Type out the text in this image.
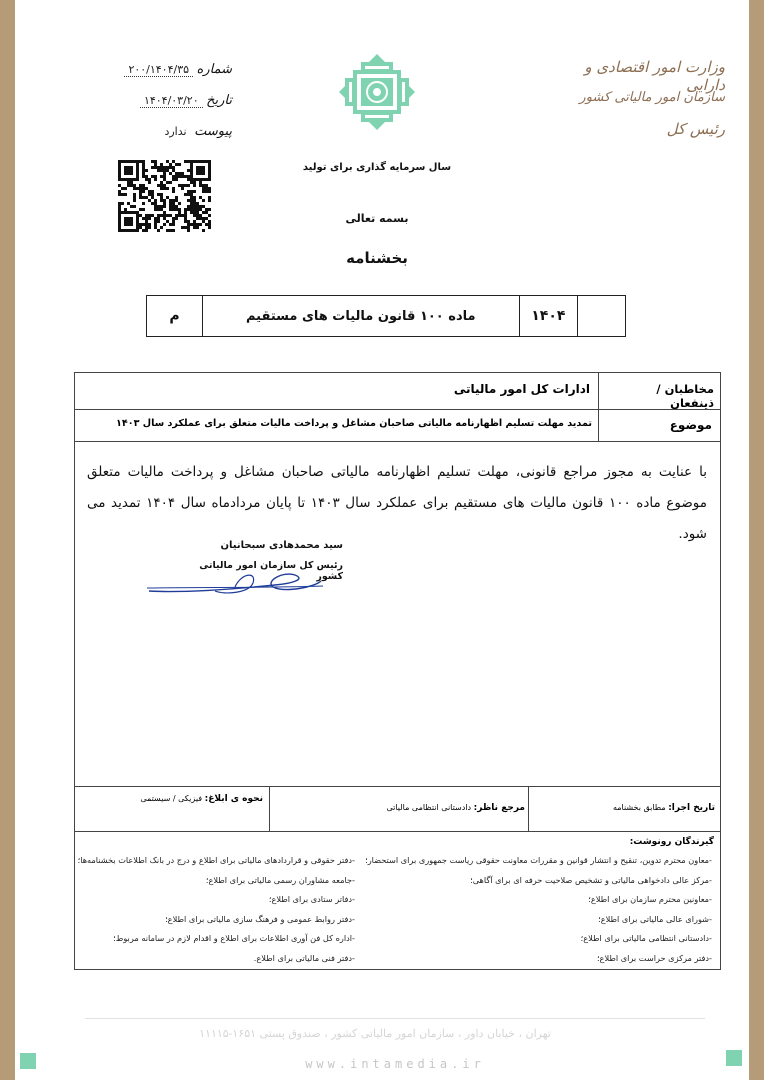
شماره ۲۰۰/۱۴۰۴/۳۵
تاریخ ۱۴۰۴/۰۳/۲۰
پیوست ندارد
وزارت امور اقتصادی و دارایی
سازمان امور مالیاتی کشور
رئیس کل
سال سرمایه گذاری برای تولید
بسمه تعالی
بخشنامه
م	ماده ۱۰۰ قانون مالیات های مستقیم	۱۴۰۴	
مخاطبان / ذینفعان
ادارات کل امور مالیاتی
موضوع
تمدید مهلت تسلیم اظهارنامه مالیاتی صاحبان مشاغل و پرداخت مالیات متعلق برای عملکرد سال ۱۴۰۳
با عنایت به مجوز مراجع قانونی، مهلت تسلیم اظهارنامه مالیاتی صاحبان مشاغل و پرداخت مالیات متعلق موضوع ماده ۱۰۰ قانون مالیات های مستقیم برای عملکرد سال ۱۴۰۳ تا پایان مردادماه سال ۱۴۰۴ تمدید می شود.
سید محمدهادی سبحانیان
رئیس کل سازمان امور مالیاتی کشور
تاریخ اجرا: مطابق بخشنامه
مرجع ناظر: دادستانی انتظامی مالیاتی
نحوه ی ابلاغ: فیزیکی / سیستمی
گیرندگان رونوشت:
-معاون محترم تدوین، تنقیح و انتشار قوانین و مقررات معاونت حقوقی ریاست جمهوری برای استحضار؛
-مرکز عالی دادخواهی مالیاتی و تشخیص صلاحیت حرفه ای برای آگاهی؛
-معاونین محترم سازمان برای اطلاع؛
-شورای عالی مالیاتی برای اطلاع؛
-دادستانی انتظامی مالیاتی برای اطلاع؛
-دفتر مرکزی حراست برای اطلاع؛
-دفتر حقوقی و قراردادهای مالیاتی برای اطلاع و درج در بانک اطلاعات بخشنامه‌ها؛
-جامعه مشاوران رسمی مالیاتی برای اطلاع؛
-دفاتر ستادی برای اطلاع؛
-دفتر روابط عمومی و فرهنگ سازی مالیاتی برای اطلاع؛
-اداره کل فن آوری اطلاعات برای اطلاع و اقدام لازم در سامانه مربوط؛
-دفتر فنی مالیاتی برای اطلاع.
تهران ، خیابان داور ، سازمان امور مالیاتی کشور ، صندوق پستی ۱۶۵۱-۱۱۱۱۵
www.intamedia.ir
